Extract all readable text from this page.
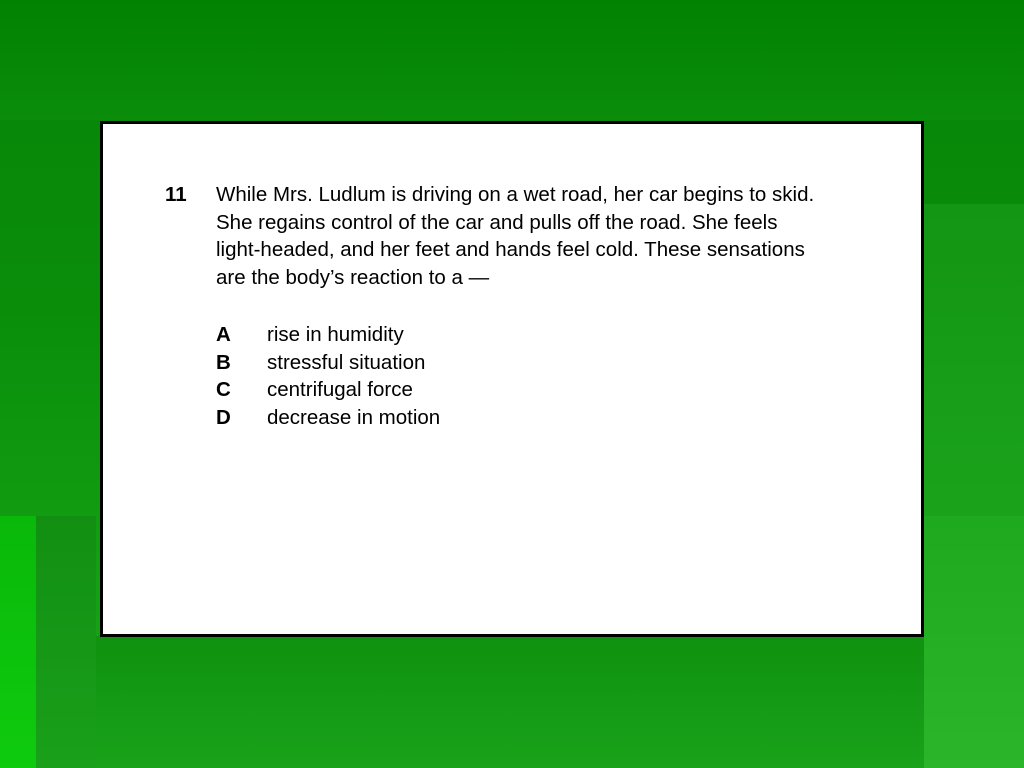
11 While Mrs. Ludlum is driving on a wet road, her car begins to skid.
She regains control of the car and pulls off the road. She feels
light-headed, and her feet and hands feel cold. These sensations
are the body’s reaction to a —
A rise in humidity
B stressful situation
C centrifugal force
D decrease in motion
